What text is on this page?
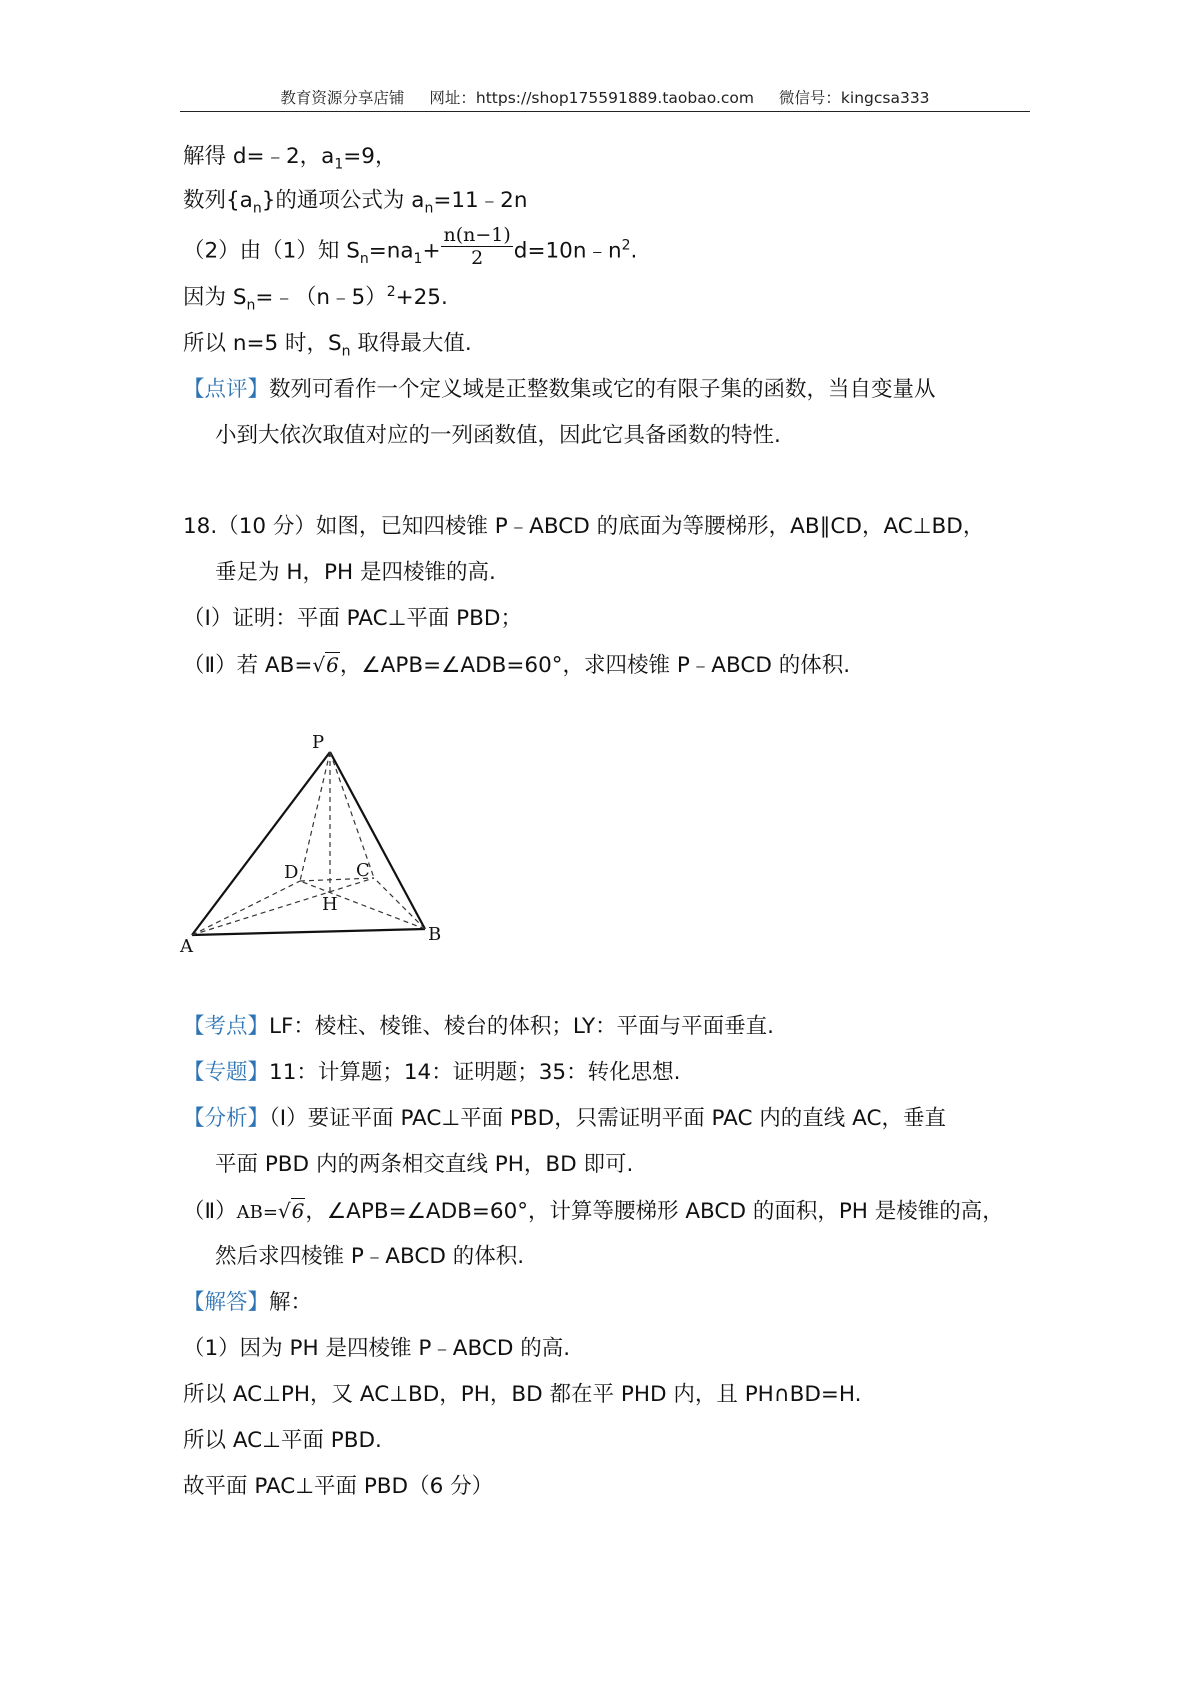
教育资源分享店铺 网址：https://shop175591889.taobao.com 微信号：kingcsa333
解得 d=﹣2，$a_1=9$，
数列$\{a_n\}$的通项公式为 $a_n=11﹣2n$
（2）由（1）知 $S_n=na_1+ \frac{n(n-1)}{2}$ $d=10n﹣n^2$.
因为 $S_n=﹣(n﹣5)^2+25$.
所以 n=5 时，$S_n$ 取得最大值.
【点评】数列可看作一个定义域是正整数集或它的有限子集的函数，当自变量从
小到大依次取值对应的一列函数值，因此它具备函数的特性.
18.（10 分）如图，已知四棱锥 P﹣ABCD 的底面为等腰梯形，AB∥CD，AC⊥BD，
垂足为 H，PH 是四棱锥的高.
（Ⅰ）证明：平面 PAC⊥平面 PBD；
（Ⅱ）若 AB=√6，∠APB=∠ADB=60°，求四棱锥 P﹣ABCD 的体积.
P
D	C
H
A
B
【考点】LF：棱柱、棱锥、棱台的体积；LY：平面与平面垂直.
【专题】11：计算题；14：证明题；35：转化思想.
【分析】（Ⅰ）要证平面 PAC⊥平面 PBD，只需证明平面 PAC 内的直线 AC，垂直
平面 PBD 内的两条相交直线 PH，BD 即可.
（Ⅱ）AB=√6，∠APB=∠ADB=60°，计算等腰梯形 ABCD 的面积，PH 是棱锥的高，
然后求四棱锥 P﹣ABCD 的体积.
【解答】解：
（1）因为 PH 是四棱锥 P﹣ABCD 的高.
所以 AC⊥PH，又 AC⊥BD，PH，BD 都在平 PHD 内，且 PH∩BD=H.
所以 AC⊥平面 PBD.
故平面 PAC⊥平面 PBD（6 分）
